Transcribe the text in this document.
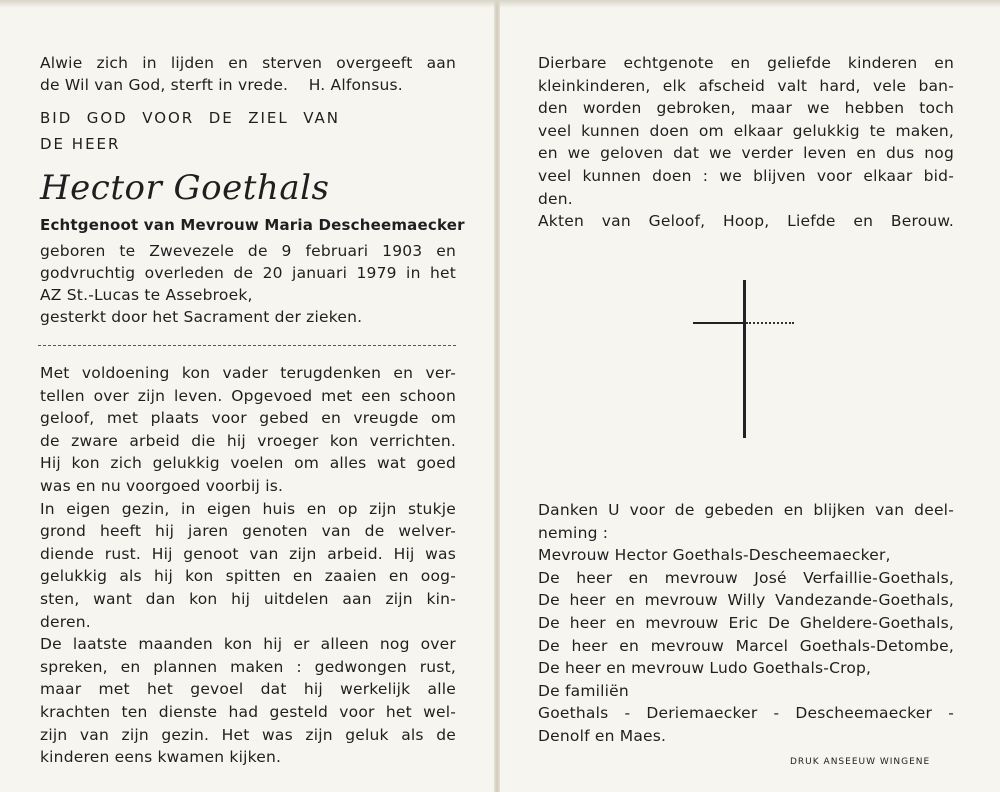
Alwie zich in lijden en sterven overgeeft aan
de Wil van God, sterft in vrede.    H. Alfonsus.
BID GOD VOOR DE ZIEL VAN
DE HEER
Hector Goethals
Echtgenoot van Mevrouw Maria Descheemaecker
geboren te Zwevezele de 9 februari 1903 en
godvruchtig overleden de 20 januari 1979 in het
AZ St.-Lucas te Assebroek,
gesterkt door het Sacrament der zieken.
Met voldoening kon vader terugdenken en ver-
tellen over zijn leven. Opgevoed met een schoon
geloof, met plaats voor gebed en vreugde om
de zware arbeid die hij vroeger kon verrichten.
Hij kon zich gelukkig voelen om alles wat goed
was en nu voorgoed voorbij is.
In eigen gezin, in eigen huis en op zijn stukje
grond heeft hij jaren genoten van de welver-
diende rust. Hij genoot van zijn arbeid. Hij was
gelukkig als hij kon spitten en zaaien en oog-
sten, want dan kon hij uitdelen aan zijn kin-
deren.
De laatste maanden kon hij er alleen nog over
spreken, en plannen maken : gedwongen rust,
maar met het gevoel dat hij werkelijk alle
krachten ten dienste had gesteld voor het wel-
zijn van zijn gezin. Het was zijn geluk als de
kinderen eens kwamen kijken.
Dierbare echtgenote en geliefde kinderen en
kleinkinderen, elk afscheid valt hard, vele ban-
den worden gebroken, maar we hebben toch
veel kunnen doen om elkaar gelukkig te maken,
en we geloven dat we verder leven en dus nog
veel kunnen doen : we blijven voor elkaar bid-
den.
Akten van Geloof, Hoop, Liefde en Berouw.
Danken U voor de gebeden en blijken van deel-
neming :
Mevrouw Hector Goethals-Descheemaecker,
De heer en mevrouw José Verfaillie-Goethals,
De heer en mevrouw Willy Vandezande-Goethals,
De heer en mevrouw Eric De Gheldere-Goethals,
De heer en mevrouw Marcel Goethals-Detombe,
De heer en mevrouw Ludo Goethals-Crop,
De familiën
Goethals - Deriemaecker - Descheemaecker -
Denolf en Maes.
DRUK ANSEEUW WINGENE
